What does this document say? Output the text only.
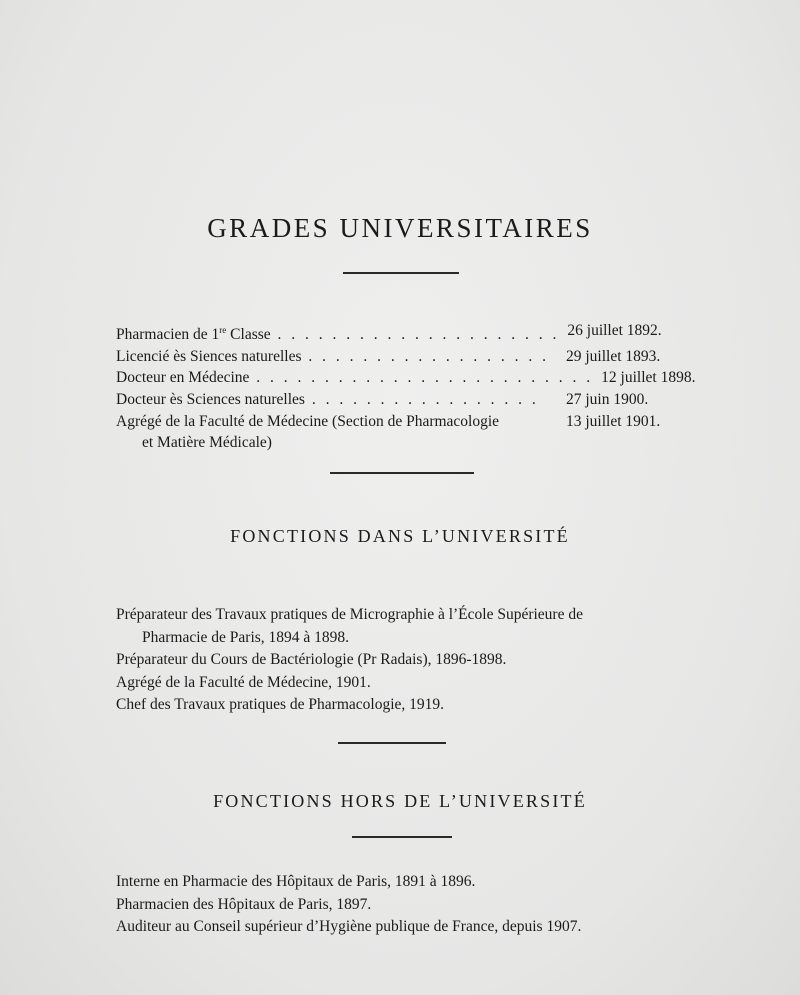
GRADES UNIVERSITAIRES
Pharmacien de 1re Classe . . . . . . . . . . . . . . . . . . . . . 26 juillet 1892.
Licencié ès Siences naturelles . . . . . . . . . . . . . . . . . .	29 juillet 1893.
Docteur en Médecine . . . . . . . . . . . . . . . . . . . . . . . . . 12 juillet 1898.
Docteur ès Sciences naturelles . . . . . . . . . . . . . . . . .	27 juin 1900.
Agrégé de la Faculté de Médecine (Section de Pharmacologie	13 juillet 1901.
et Matière Médicale)
FONCTIONS DANS L’UNIVERSITÉ
Préparateur des Travaux pratiques de Micrographie à l’École Supérieure de
Pharmacie de Paris, 1894 à 1898.
Préparateur du Cours de Bactériologie (Pr Radais), 1896-1898.
Agrégé de la Faculté de Médecine, 1901.
Chef des Travaux pratiques de Pharmacologie, 1919.
FONCTIONS HORS DE L’UNIVERSITÉ
Interne en Pharmacie des Hôpitaux de Paris, 1891 à 1896.
Pharmacien des Hôpitaux de Paris, 1897.
Auditeur au Conseil supérieur d’Hygiène publique de France, depuis 1907.
